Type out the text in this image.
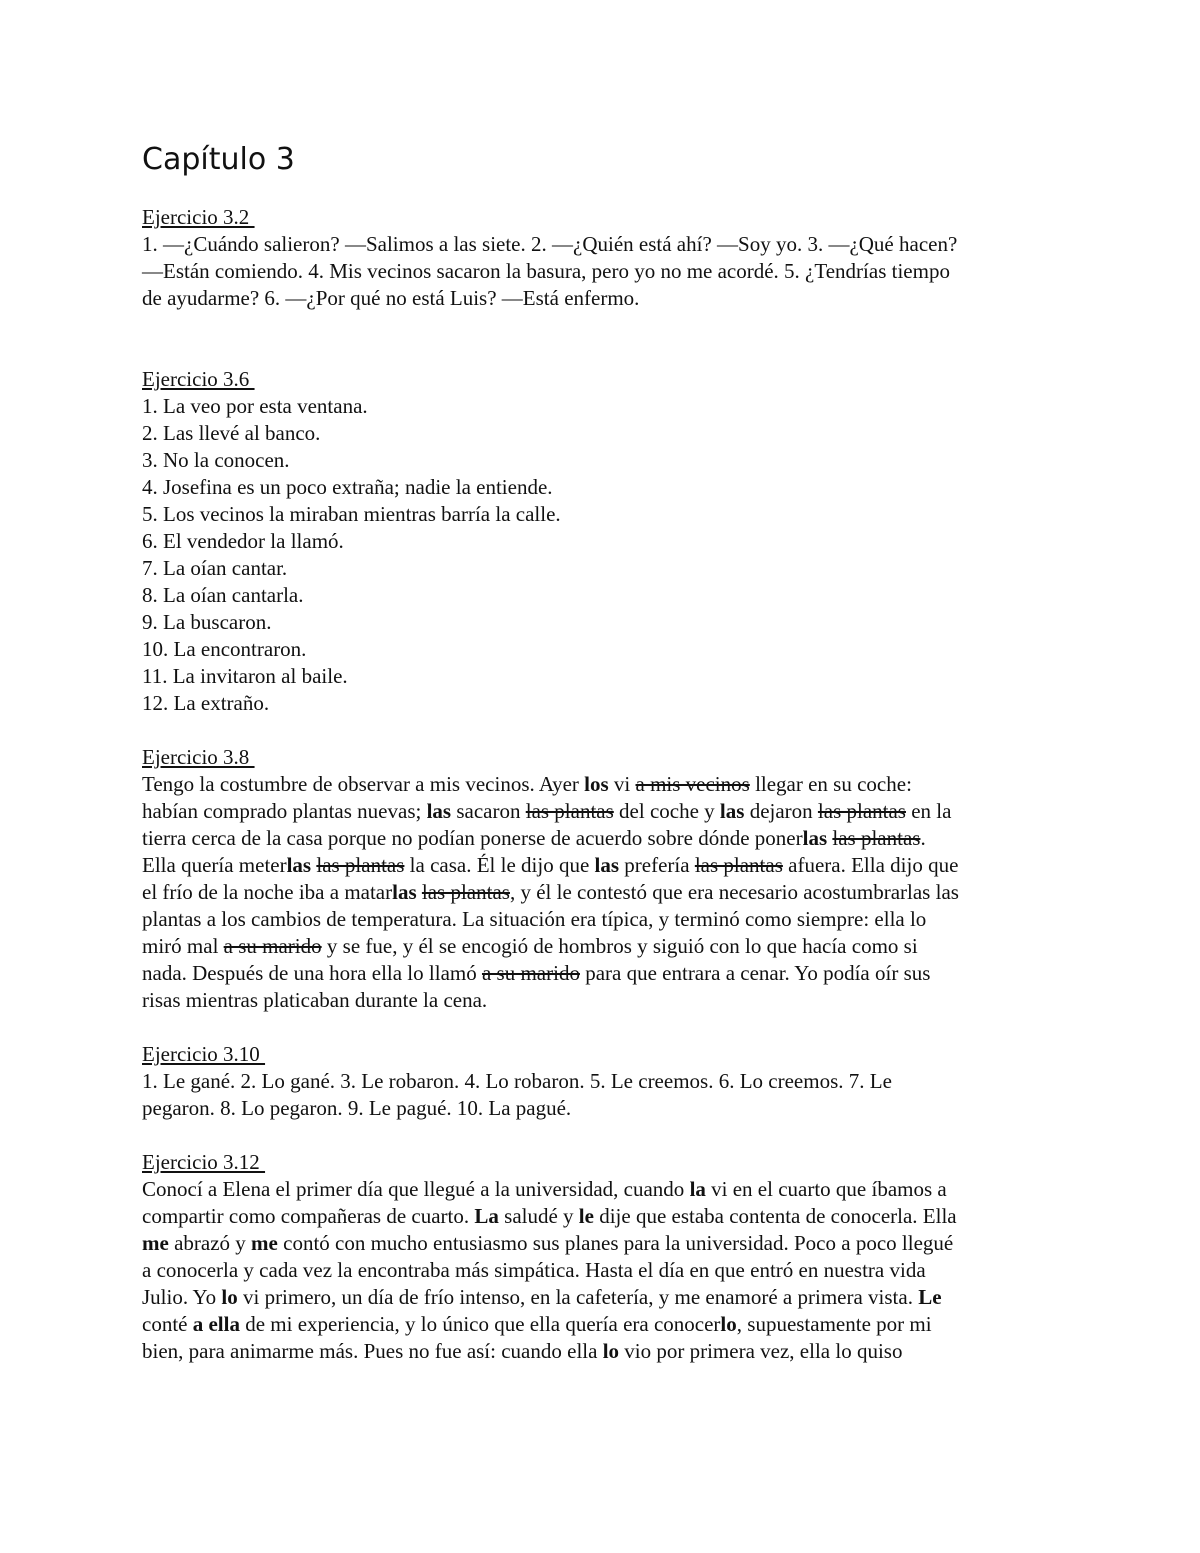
Capítulo 3

Ejercicio 3.2

1. —¿Cuándo salieron? —Salimos a las siete. 2. —¿Quién está ahí? —Soy yo. 3. —¿Qué hacen?

—Están comiendo. 4. Mis vecinos sacaron la basura, pero yo no me acordé. 5. ¿Tendrías tiempo

de ayudarme? 6. —¿Por qué no está Luis? —Está enfermo.

Ejercicio 3.6

1. La veo por esta ventana.

2. Las llevé al banco.

3. No la conocen.

4. Josefina es un poco extraña; nadie la entiende.

5. Los vecinos la miraban mientras barría la calle.

6. El vendedor la llamó.

7. La oían cantar.

8. La oían cantarla.

9. La buscaron.

10. La encontraron.

11. La invitaron al baile.

12. La extraño.

Ejercicio 3.8

Tengo la costumbre de observar a mis vecinos. Ayer los vi a mis vecinos llegar en su coche:

habían comprado plantas nuevas; las sacaron las plantas del coche y las dejaron las plantas en la

tierra cerca de la casa porque no podían ponerse de acuerdo sobre dónde ponerlas las plantas.

Ella quería meterlas las plantas la casa. Él le dijo que las prefería las plantas afuera. Ella dijo que

el frío de la noche iba a matarlas las plantas, y él le contestó que era necesario acostumbrarlas las

plantas a los cambios de temperatura. La situación era típica, y terminó como siempre: ella lo

miró mal a su marido y se fue, y él se encogió de hombros y siguió con lo que hacía como si

nada. Después de una hora ella lo llamó a su marido para que entrara a cenar. Yo podía oír sus

risas mientras platicaban durante la cena.

Ejercicio 3.10

1. Le gané. 2. Lo gané. 3. Le robaron. 4. Lo robaron. 5. Le creemos. 6. Lo creemos. 7. Le

pegaron. 8. Lo pegaron. 9. Le pagué. 10. La pagué.

Ejercicio 3.12

Conocí a Elena el primer día que llegué a la universidad, cuando la vi en el cuarto que íbamos a

compartir como compañeras de cuarto. La saludé y le dije que estaba contenta de conocerla. Ella

me abrazó y me contó con mucho entusiasmo sus planes para la universidad. Poco a poco llegué

a conocerla y cada vez la encontraba más simpática. Hasta el día en que entró en nuestra vida

Julio. Yo lo vi primero, un día de frío intenso, en la cafetería, y me enamoré a primera vista. Le

conté a ella de mi experiencia, y lo único que ella quería era conocerlo, supuestamente por mi

bien, para animarme más. Pues no fue así: cuando ella lo vio por primera vez, ella lo quiso
